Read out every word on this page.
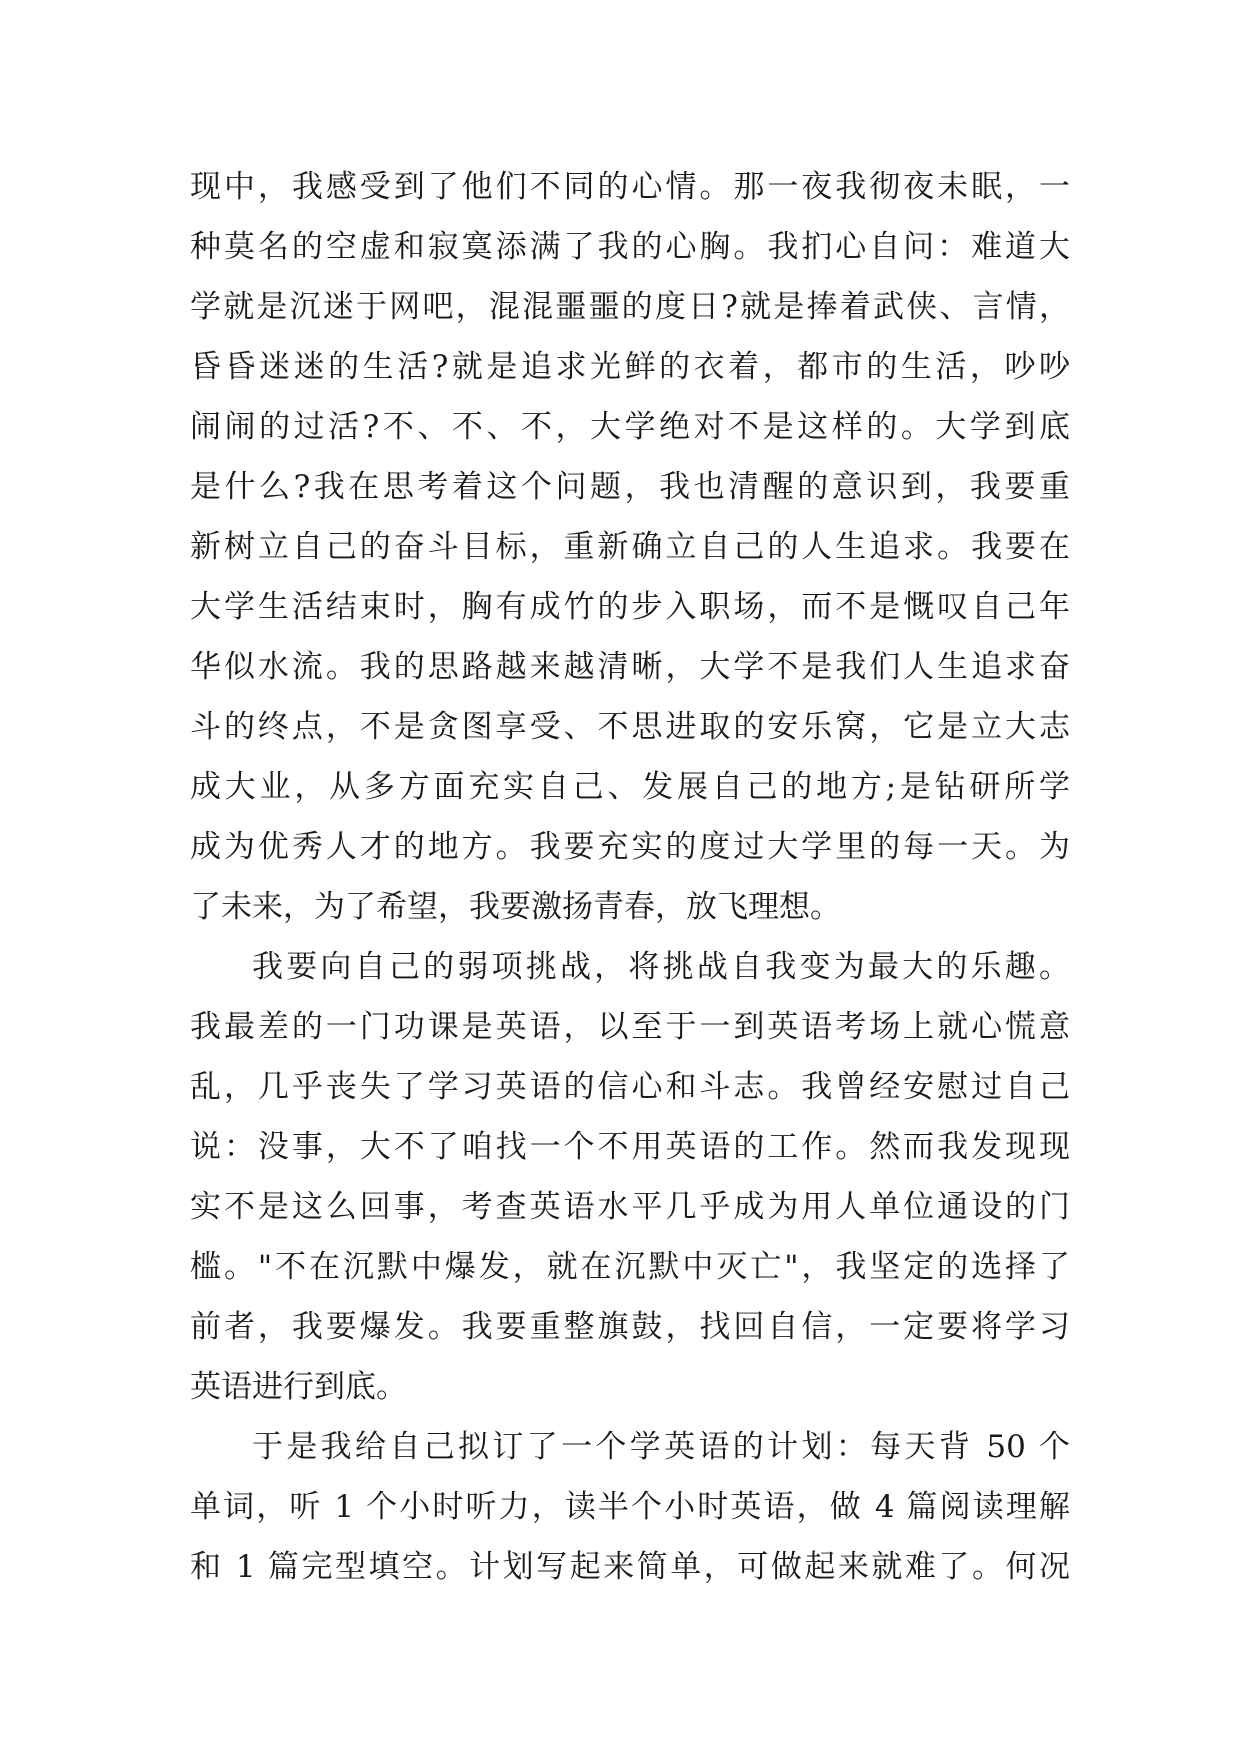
现中，我感受到了他们不同的心情。那一夜我彻夜未眠，一
种莫名的空虚和寂寞添满了我的心胸。我扪心自问：难道大
学就是沉迷于网吧，混混噩噩的度日?就是捧着武侠、言情，
昏昏迷迷的生活?就是追求光鲜的衣着，都市的生活，吵吵
闹闹的过活?不、不、不，大学绝对不是这样的。大学到底
是什么?我在思考着这个问题，我也清醒的意识到，我要重
新树立自己的奋斗目标，重新确立自己的人生追求。我要在
大学生活结束时，胸有成竹的步入职场，而不是慨叹自己年
华似水流。我的思路越来越清晰，大学不是我们人生追求奋
斗的终点，不是贪图享受、不思进取的安乐窝，它是立大志
成大业，从多方面充实自己、发展自己的地方;是钻研所学
成为优秀人才的地方。我要充实的度过大学里的每一天。为
了未来，为了希望，我要激扬青春，放飞理想。
我要向自己的弱项挑战，将挑战自我变为最大的乐趣。
我最差的一门功课是英语，以至于一到英语考场上就心慌意
乱，几乎丧失了学习英语的信心和斗志。我曾经安慰过自己
说：没事，大不了咱找一个不用英语的工作。然而我发现现
实不是这么回事，考查英语水平几乎成为用人单位通设的门
槛。"不在沉默中爆发，就在沉默中灭亡"，我坚定的选择了
前者，我要爆发。我要重整旗鼓，找回自信，一定要将学习
英语进行到底。
于是我给自己拟订了一个学英语的计划：每天背 50 个
单词，听 1 个小时听力，读半个小时英语，做 4 篇阅读理解
和 1 篇完型填空。计划写起来简单，可做起来就难了。何况
